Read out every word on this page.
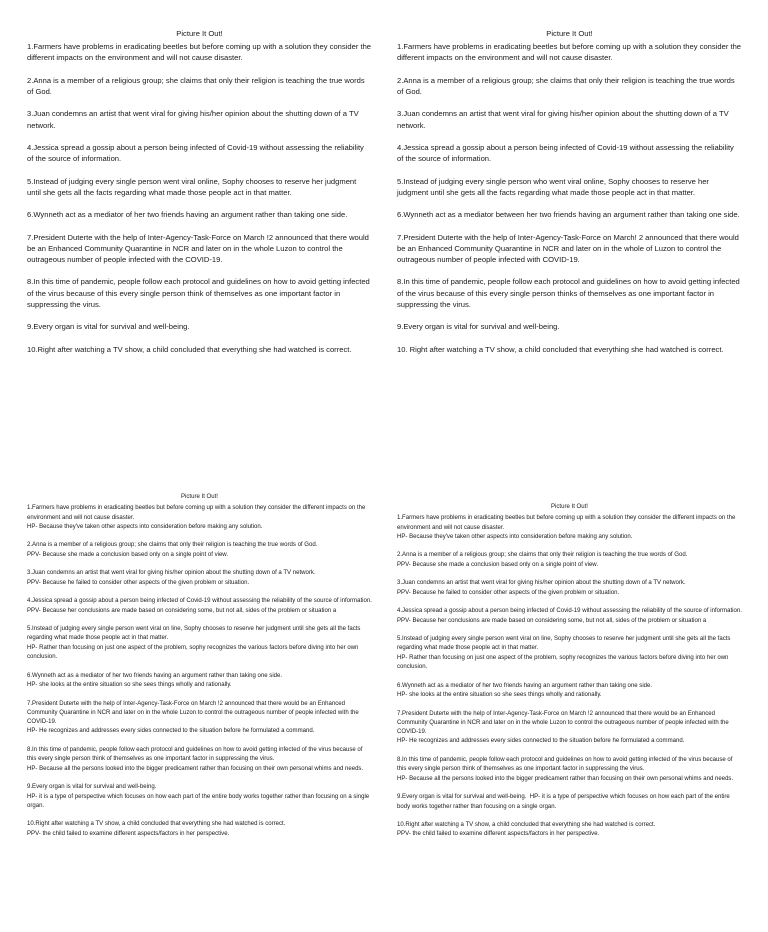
Picture It Out!

1.Farmers have problems in eradicating beetles but before coming up with a solution they consider the different impacts on the environment and will not cause disaster.

2.Anna is a member of a religious group; she claims that only their religion is teaching the true words of God.

3.Juan condemns an artist that went viral for giving his/her opinion about the shutting down of a TV network.

4.Jessica spread a gossip about a person being infected of Covid-19 without assessing the reliability of the source of information.

5.Instead of judging every single person went viral online, Sophy chooses to reserve her judgment until she gets all the facts regarding what made those people act in that matter.

6.Wynneth act as a mediator of her two friends having an argument rather than taking one side.

7.President Duterte with the help of Inter-Agency-Task-Force on March !2 announced that there would be an Enhanced Community Quarantine in NCR and later on in the whole Luzon to control the outrageous number of people infected with the COVID-19.

8.In this time of pandemic, people follow each protocol and guidelines on how to avoid getting infected of the virus because of this every single person think of themselves as one important factor in suppressing the virus.

9.Every organ is vital for survival and well-being.

10.Right after watching a TV show, a child concluded that everything she had watched is correct.

Picture It Out!

1.Farmers have problems in eradicating beetles but before coming up with a solution they consider the different impacts on the environment and will not cause disaster.

2.Anna is a member of a religious group; she claims that only their religion is teaching the true words of God.

3.Juan condemns an artist that went viral for giving his/her opinion about the shutting down of a TV network.

4.Jessica spread a gossip about a person being infected of Covid-19 without assessing the reliability of the source of information.

5.Instead of judging every single person who went viral online, Sophy chooses to reserve her judgment until she gets all the facts regarding what made those people act in that matter.

6.Wynneth act as a mediator between her two friends having an argument rather than taking one side.

7.President Duterte with the help of Inter-Agency-Task-Force on March! 2 announced that there would be an Enhanced Community Quarantine in NCR and later on in the whole of Luzon to control the outrageous number of people infected with COVID-19.

8.In this time of pandemic, people follow each protocol and guidelines on how to avoid getting infected of the virus because of this every single person thinks of themselves as one important factor in suppressing the virus.

9.Every organ is vital for survival and well-being.

10. Right after watching a TV show, a child concluded that everything she had watched is correct.

Picture It Out!

1.Farmers have problems in eradicating beetles but before coming up with a solution they consider the different impacts on the environment and will not cause disaster.
HP- Because they've taken other aspects into consideration before making any solution.

2.Anna is a member of a religious group; she claims that only their religion is teaching the true words of God.
PPV- Because she made a conclusion based only on a single point of view.

3.Juan condemns an artist that went viral for giving his/her opinion about the shutting down of a TV network.
PPV- Because he failed to consider other aspects of the given problem or situation.

4.Jessica spread a gossip about a person being infected of Covid-19 without assessing the reliability of the source of information.
PPV- Because her conclusions are made based on considering some, but not all, sides of the problem or situation a

5.Instead of judging every single person went viral on line, Sophy chooses to reserve her judgment until she gets all the facts regarding what made those people act in that matter.
HP- Rather than focusing on just one aspect of the problem, sophy recognizes the various factors before diving into her own conclusion.

6.Wynneth act as a mediator of her two friends having an argument rather than taking one side.
HP- she looks at the entire situation so she sees things wholly and rationally.

7.President Duterte with the help of Inter-Agency-Task-Force on March !2 announced that there would be an Enhanced Community Quarantine in NCR and later on in the whole Luzon to control the outrageous number of people infected with the COVID-19.
HP- He recognizes and addresses every sides connected to the situation before he formulated a command.

8.In this time of pandemic, people follow each protocol and guidelines on how to avoid getting infected of the virus because of this every single person think of themselves as one important factor in suppressing the virus.
HP- Because all the persons looked into the bigger predicament rather than focusing on their own personal whims and needs.

9.Every organ is vital for survival and well-being.
HP- it is a type of perspective which focuses on how each part of the entire body works together rather than focusing on a single organ.

10.Right after watching a TV show, a child concluded that everything she had watched is correct.
PPV- the child failed to examine different aspects/factors in her perspective.

Picture It Out!

1.Farmers have problems in eradicating beetles but before coming up with a solution they consider the different impacts on the environment and will not cause disaster.
HP- Because they've taken other aspects into consideration before making any solution.

2.Anna is a member of a religious group; she claims that only their religion is teaching the true words of God.
PPV- Because she made a conclusion based only on a single point of view.

3.Juan condemns an artist that went viral for giving his/her opinion about the shutting down of a TV network.
PPV- Because he failed to consider other aspects of the given problem or situation.

4.Jessica spread a gossip about a person being infected of Covid-19 without assessing the reliability of the source of information.
PPV- Because her conclusions are made based on considering some, but not all, sides of the problem or situation a

5.Instead of judging every single person went viral on line, Sophy chooses to reserve her judgment until she gets all the facts regarding what made those people act in that matter.
HP- Rather than focusing on just one aspect of the problem, sophy recognizes the various factors before diving into her own conclusion.

6.Wynneth act as a mediator of her two friends having an argument rather than taking one side.
HP- she looks at the entire situation so she sees things wholly and rationally.

7.President Duterte with the help of Inter-Agency-Task-Force on March !2 announced that there would be an Enhanced Community Quarantine in NCR and later on in the whole Luzon to control the outrageous number of people infected with the COVID-19.
HP- He recognizes and addresses every sides connected to the situation before he formulated a command.

8.In this time of pandemic, people follow each protocol and guidelines on how to avoid getting infected of the virus because of this every single person think of themselves as one important factor in suppressing the virus.
HP- Because all the persons looked into the bigger predicament rather than focusing on their own personal whims and needs.

9.Every organ is vital for survival and well-being.  HP- it is a type of perspective which focuses on how each part of the entire body works together rather than focusing on a single organ.

10.Right after watching a TV show, a child concluded that everything she had watched is correct.
PPV- the child failed to examine different aspects/factors in her perspective.
